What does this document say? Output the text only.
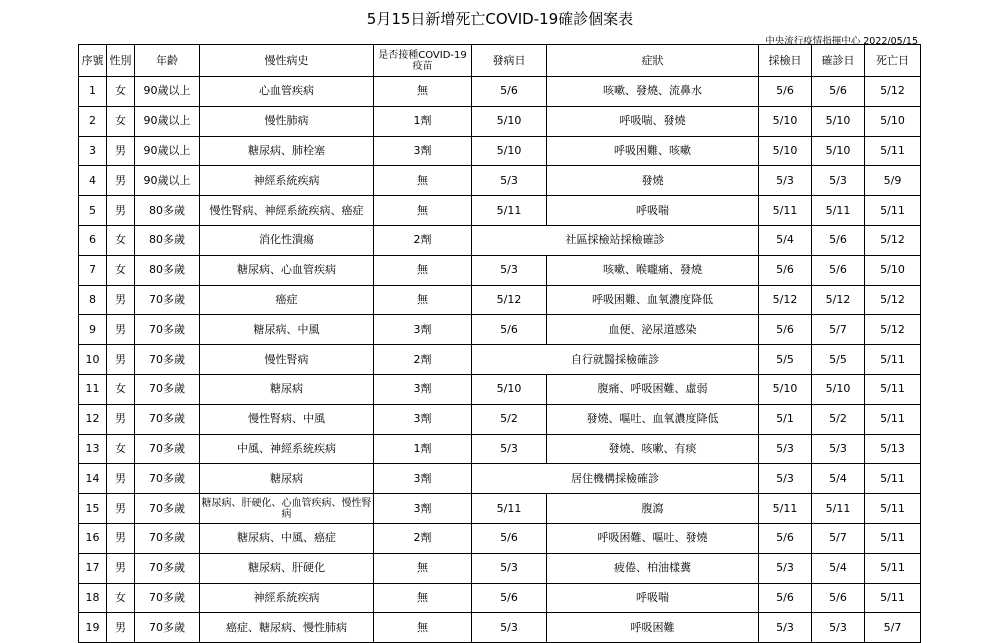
5月15日新增死亡COVID-19確診個案表
中央流行疫情指揮中心 2022/05/15
序號	性別	年齡	慢性病史	是否接種COVID-19疫苗	發病日	症狀	採檢日	確診日	死亡日
1	女	90歲以上	心血管疾病	無	5/6	咳嗽、發燒、流鼻水	5/6	5/6	5/12
2	女	90歲以上	慢性肺病	1劑	5/10	呼吸喘、發燒	5/10	5/10	5/10
3	男	90歲以上	糖尿病、肺栓塞	3劑	5/10	呼吸困難、咳嗽	5/10	5/10	5/11
4	男	90歲以上	神經系統疾病	無	5/3	發燒	5/3	5/3	5/9
5	男	80多歲	慢性腎病、神經系統疾病、癌症	無	5/11	呼吸喘	5/11	5/11	5/11
6	女	80多歲	消化性潰瘍	2劑	社區採檢站採檢確診		5/4	5/6	5/12
7	女	80多歲	糖尿病、心血管疾病	無	5/3	咳嗽、喉嚨痛、發燒	5/6	5/6	5/10
8	男	70多歲	癌症	無	5/12	呼吸困難、血氧濃度降低	5/12	5/12	5/12
9	男	70多歲	糖尿病、中風	3劑	5/6	血便、泌尿道感染	5/6	5/7	5/12
10	男	70多歲	慢性腎病	2劑	自行就醫採檢確診		5/5	5/5	5/11
11	女	70多歲	糖尿病	3劑	5/10	腹痛、呼吸困難、虛弱	5/10	5/10	5/11
12	男	70多歲	慢性腎病、中風	3劑	5/2	發燒、嘔吐、血氧濃度降低	5/1	5/2	5/11
13	女	70多歲	中風、神經系統疾病	1劑	5/3	發燒、咳嗽、有痰	5/3	5/3	5/13
14	男	70多歲	糖尿病	3劑	居住機構採檢確診		5/3	5/4	5/11
15	男	70多歲	糖尿病、肝硬化、心血管疾病、慢性腎病	3劑	5/11	腹瀉	5/11	5/11	5/11
16	男	70多歲	糖尿病、中風、癌症	2劑	5/6	呼吸困難、嘔吐、發燒	5/6	5/7	5/11
17	男	70多歲	糖尿病、肝硬化	無	5/3	疲倦、柏油樣糞	5/3	5/4	5/11
18	女	70多歲	神經系統疾病	無	5/6	呼吸喘	5/6	5/6	5/11
19	男	70多歲	癌症、糖尿病、慢性肺病	無	5/3	呼吸困難	5/3	5/3	5/7
